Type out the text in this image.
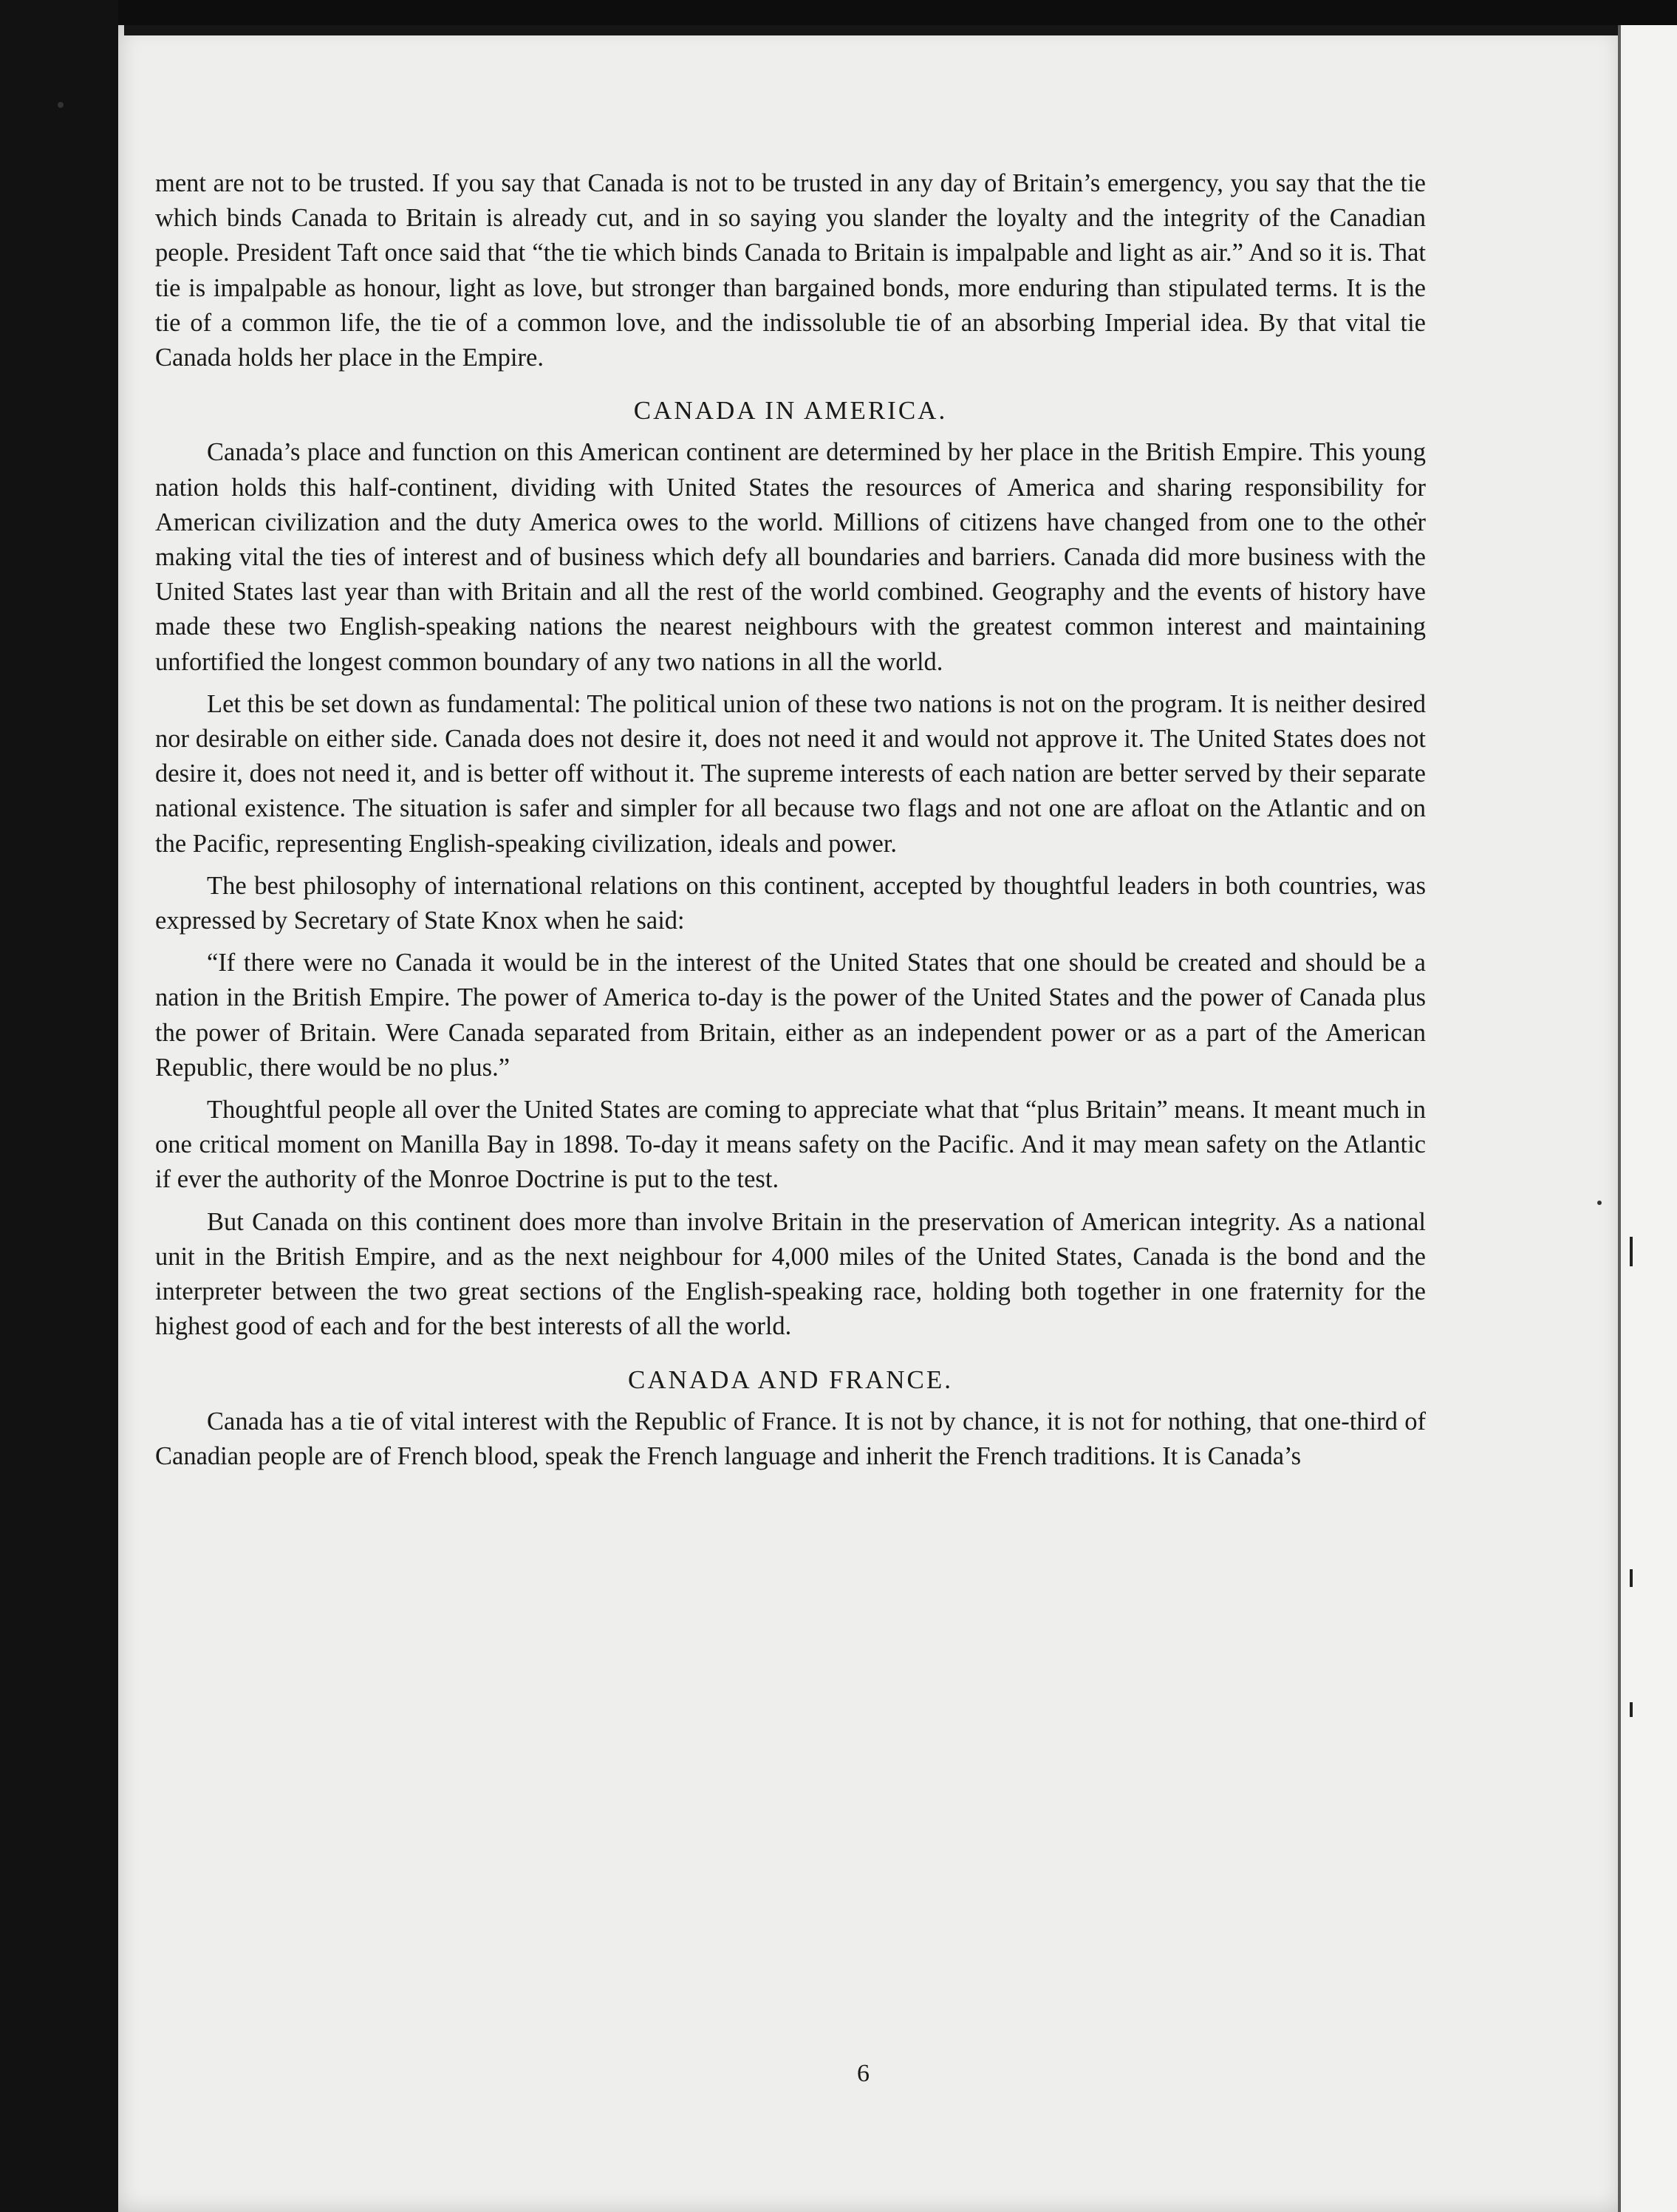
ment are not to be trusted. If you say that Canada is not to be trusted in any day of Britain’s emergency, you say that the tie which binds Canada to Britain is already cut, and in so saying you slander the loyalty and the integrity of the Canadian people. President Taft once said that “the tie which binds Canada to Britain is impalpable and light as air.” And so it is. That tie is impalpable as honour, light as love, but stronger than bargained bonds, more enduring than stipulated terms. It is the tie of a common life, the tie of a common love, and the indissoluble tie of an absorbing Imperial idea. By that vital tie Canada holds her place in the Empire.

CANADA IN AMERICA.

Canada’s place and function on this American continent are determined by her place in the British Empire. This young nation holds this half-continent, dividing with United States the resources of America and sharing responsibility for American civilization and the duty America owes to the world. Millions of citizens have changed from one to the other making vital the ties of interest and of business which defy all boundaries and barriers. Canada did more business with the United States last year than with Britain and all the rest of the world combined. Geography and the events of history have made these two English-speaking nations the nearest neighbours with the greatest common interest and maintaining unfortified the longest common boundary of any two nations in all the world.

Let this be set down as fundamental: The political union of these two nations is not on the program. It is neither desired nor desirable on either side. Canada does not desire it, does not need it and would not approve it. The United States does not desire it, does not need it, and is better off without it. The supreme interests of each nation are better served by their separate national existence. The situation is safer and simpler for all because two flags and not one are afloat on the Atlantic and on the Pacific, representing English-speaking civilization, ideals and power.

The best philosophy of international relations on this continent, accepted by thoughtful leaders in both countries, was expressed by Secretary of State Knox when he said:

“If there were no Canada it would be in the interest of the United States that one should be created and should be a nation in the British Empire. The power of America to-day is the power of the United States and the power of Canada plus the power of Britain. Were Canada separated from Britain, either as an independent power or as a part of the American Republic, there would be no plus.”

Thoughtful people all over the United States are coming to appreciate what that “plus Britain” means. It meant much in one critical moment on Manilla Bay in 1898. To-day it means safety on the Pacific. And it may mean safety on the Atlantic if ever the authority of the Monroe Doctrine is put to the test.

But Canada on this continent does more than involve Britain in the preservation of American integrity. As a national unit in the British Empire, and as the next neighbour for 4,000 miles of the United States, Canada is the bond and the interpreter between the two great sections of the English-speaking race, holding both together in one fraternity for the highest good of each and for the best interests of all the world.

CANADA AND FRANCE.

Canada has a tie of vital interest with the Republic of France. It is not by chance, it is not for nothing, that one-third of Canadian people are of French blood, speak the French language and inherit the French traditions. It is Canada’s

6
